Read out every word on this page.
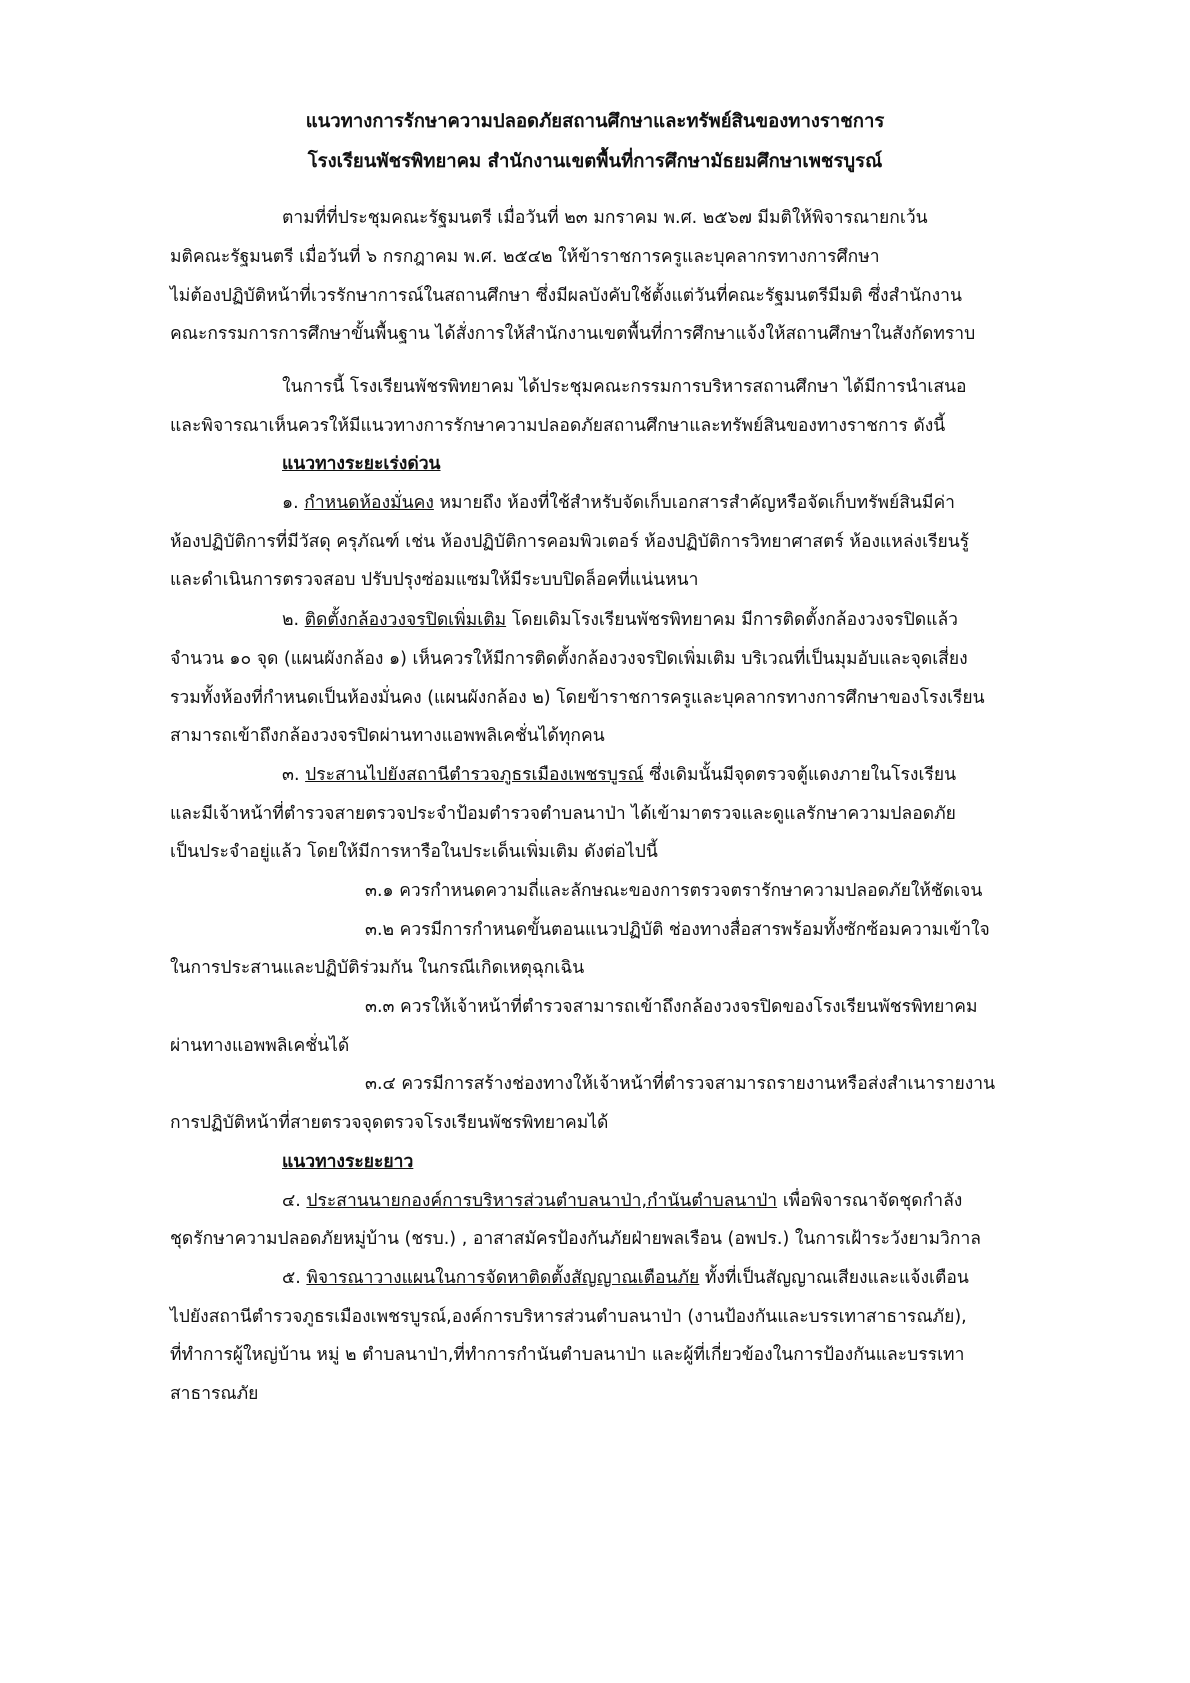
แนวทางการรักษาความปลอดภัยสถานศึกษาและทรัพย์สินของทางราชการ
โรงเรียนพัชรพิทยาคม สำนักงานเขตพื้นที่การศึกษามัธยมศึกษาเพชรบูรณ์
ตามที่ที่ประชุมคณะรัฐมนตรี เมื่อวันที่ ๒๓ มกราคม พ.ศ. ๒๕๖๗ มีมติให้พิจารณายกเว้น
มติคณะรัฐมนตรี เมื่อวันที่ ๖ กรกฎาคม พ.ศ. ๒๕๔๒ ให้ข้าราชการครูและบุคลากรทางการศึกษา
ไม่ต้องปฏิบัติหน้าที่เวรรักษาการณ์ในสถานศึกษา ซึ่งมีผลบังคับใช้ตั้งแต่วันที่คณะรัฐมนตรีมีมติ ซึ่งสำนักงาน
คณะกรรมการการศึกษาขั้นพื้นฐาน ได้สั่งการให้สำนักงานเขตพื้นที่การศึกษาแจ้งให้สถานศึกษาในสังกัดทราบ
ในการนี้ โรงเรียนพัชรพิทยาคม ได้ประชุมคณะกรรมการบริหารสถานศึกษา ได้มีการนำเสนอ
และพิจารณาเห็นควรให้มีแนวทางการรักษาความปลอดภัยสถานศึกษาและทรัพย์สินของทางราชการ ดังนี้
แนวทางระยะเร่งด่วน
๑. กำหนดห้องมั่นคง หมายถึง ห้องที่ใช้สำหรับจัดเก็บเอกสารสำคัญหรือจัดเก็บทรัพย์สินมีค่า
ห้องปฏิบัติการที่มีวัสดุ ครุภัณฑ์ เช่น ห้องปฏิบัติการคอมพิวเตอร์ ห้องปฏิบัติการวิทยาศาสตร์ ห้องแหล่งเรียนรู้
และดำเนินการตรวจสอบ ปรับปรุงซ่อมแซมให้มีระบบปิดล็อคที่แน่นหนา
๒. ติดตั้งกล้องวงจรปิดเพิ่มเติม โดยเดิมโรงเรียนพัชรพิทยาคม มีการติดตั้งกล้องวงจรปิดแล้ว
จำนวน ๑๐ จุด (แผนผังกล้อง ๑) เห็นควรให้มีการติดตั้งกล้องวงจรปิดเพิ่มเติม บริเวณที่เป็นมุมอับและจุดเสี่ยง
รวมทั้งห้องที่กำหนดเป็นห้องมั่นคง (แผนผังกล้อง ๒) โดยข้าราชการครูและบุคลากรทางการศึกษาของโรงเรียน
สามารถเข้าถึงกล้องวงจรปิดผ่านทางแอพพลิเคชั่นได้ทุกคน
๓. ประสานไปยังสถานีตำรวจภูธรเมืองเพชรบูรณ์ ซึ่งเดิมนั้นมีจุดตรวจตู้แดงภายในโรงเรียน
และมีเจ้าหน้าที่ตำรวจสายตรวจประจำป้อมตำรวจตำบลนาป่า ได้เข้ามาตรวจและดูแลรักษาความปลอดภัย
เป็นประจำอยู่แล้ว โดยให้มีการหารือในประเด็นเพิ่มเติม ดังต่อไปนี้
๓.๑ ควรกำหนดความถี่และลักษณะของการตรวจตรารักษาความปลอดภัยให้ชัดเจน
๓.๒ ควรมีการกำหนดขั้นตอนแนวปฏิบัติ ช่องทางสื่อสารพร้อมทั้งซักซ้อมความเข้าใจ
ในการประสานและปฏิบัติร่วมกัน ในกรณีเกิดเหตุฉุกเฉิน
๓.๓ ควรให้เจ้าหน้าที่ตำรวจสามารถเข้าถึงกล้องวงจรปิดของโรงเรียนพัชรพิทยาคม
ผ่านทางแอพพลิเคชั่นได้
๓.๔ ควรมีการสร้างช่องทางให้เจ้าหน้าที่ตำรวจสามารถรายงานหรือส่งสำเนารายงาน
การปฏิบัติหน้าที่สายตรวจจุดตรวจโรงเรียนพัชรพิทยาคมได้
แนวทางระยะยาว
๔. ประสานนายกองค์การบริหารส่วนตำบลนาป่า,กำนันตำบลนาป่า เพื่อพิจารณาจัดชุดกำลัง
ชุดรักษาความปลอดภัยหมู่บ้าน (ชรบ.) , อาสาสมัครป้องกันภัยฝ่ายพลเรือน (อพปร.) ในการเฝ้าระวังยามวิกาล
๕. พิจารณาวางแผนในการจัดหาติดตั้งสัญญาณเตือนภัย ทั้งที่เป็นสัญญาณเสียงและแจ้งเตือน
ไปยังสถานีตำรวจภูธรเมืองเพชรบูรณ์,องค์การบริหารส่วนตำบลนาป่า (งานป้องกันและบรรเทาสาธารณภัย),
ที่ทำการผู้ใหญ่บ้าน หมู่ ๒ ตำบลนาป่า,ที่ทำการกำนันตำบลนาป่า และผู้ที่เกี่ยวข้องในการป้องกันและบรรเทา
สาธารณภัย
